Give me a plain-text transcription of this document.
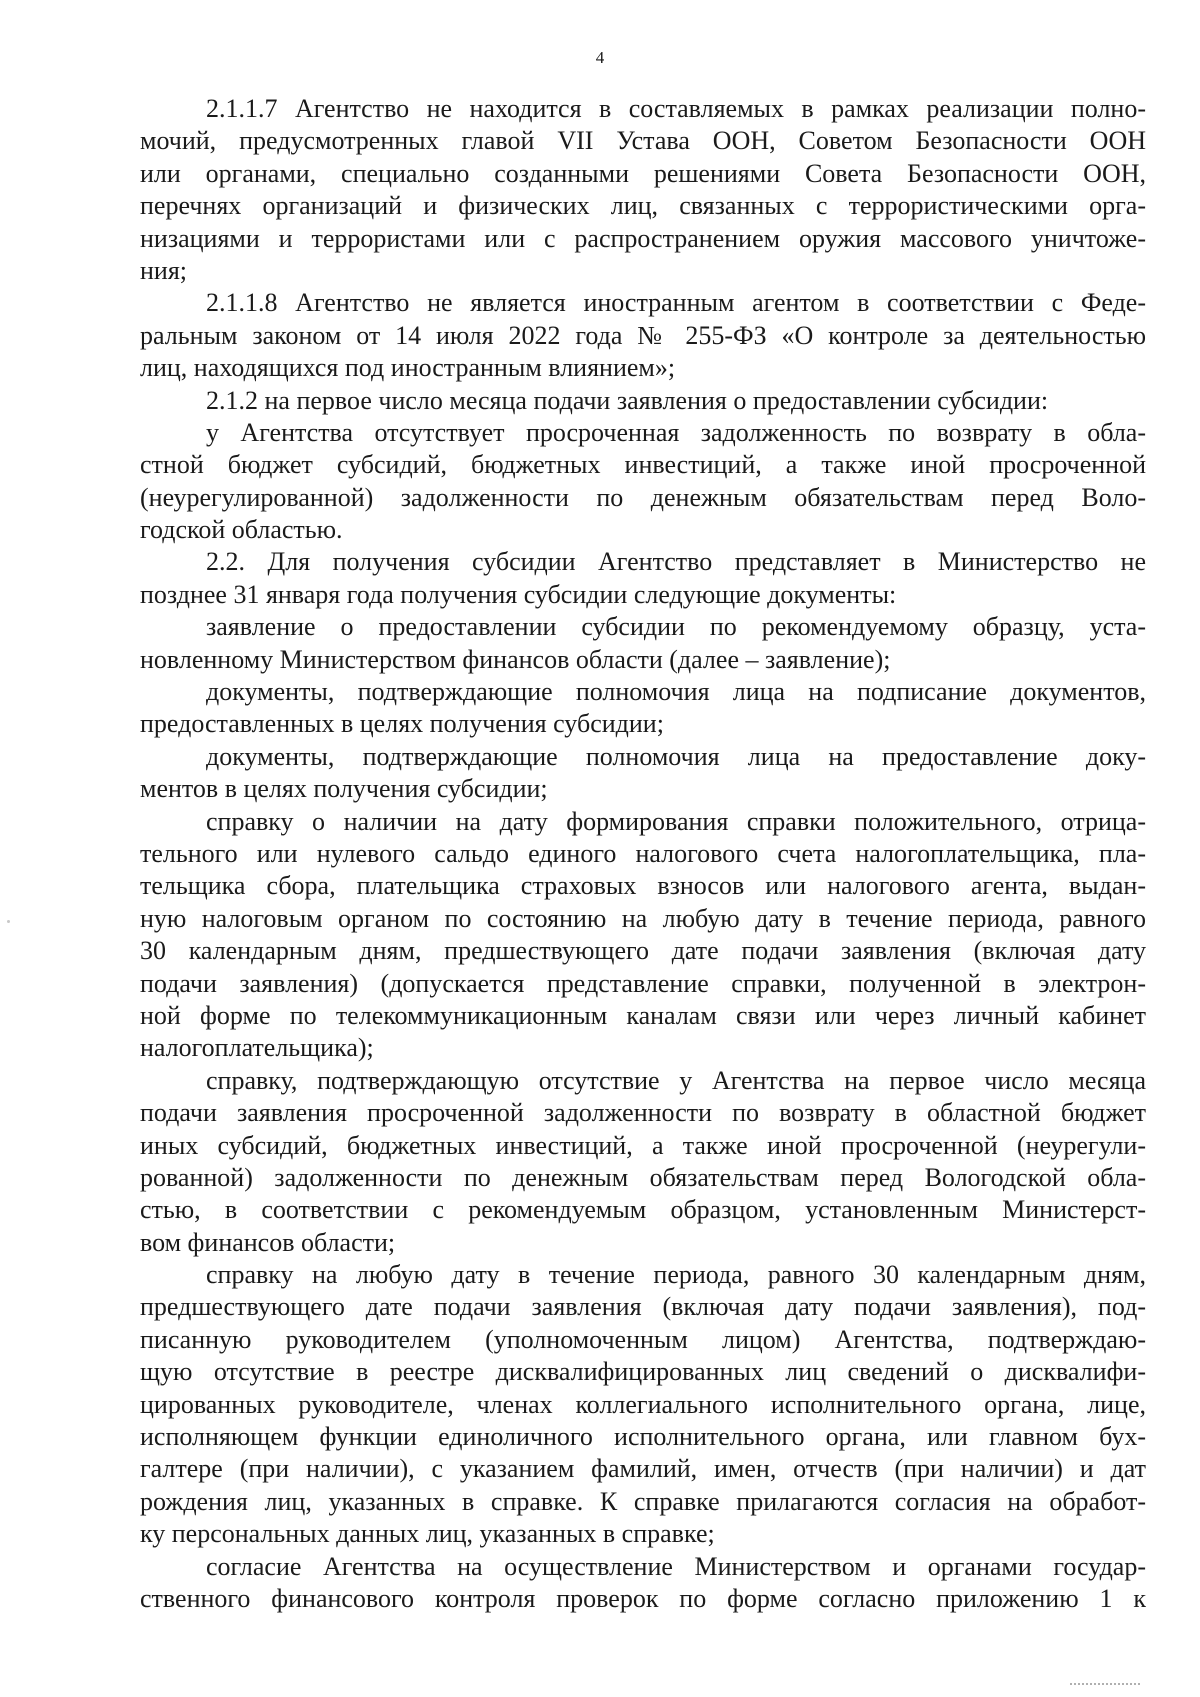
4
2.1.1.7 Агентство не находится в составляемых в рамках реализации полно-
мочий, предусмотренных главой VII Устава ООН, Советом Безопасности ООН
или органами, специально созданными решениями Совета Безопасности ООН,
перечнях организаций и физических лиц, связанных с террористическими орга-
низациями и террористами или с распространением оружия массового уничтоже-
ния;
2.1.1.8 Агентство не является иностранным агентом в соответствии с Феде-
ральным законом от 14 июля 2022 года № 255-ФЗ «О контроле за деятельностью
лиц, находящихся под иностранным влиянием»;
2.1.2 на первое число месяца подачи заявления о предоставлении субсидии:
у Агентства отсутствует просроченная задолженность по возврату в обла-
стной бюджет субсидий, бюджетных инвестиций, а также иной просроченной
(неурегулированной) задолженности по денежным обязательствам перед Воло-
годской областью.
2.2. Для получения субсидии Агентство представляет в Министерство не
позднее 31 января года получения субсидии следующие документы:
заявление о предоставлении субсидии по рекомендуемому образцу, уста-
новленному Министерством финансов области (далее – заявление);
документы, подтверждающие полномочия лица на подписание документов,
предоставленных в целях получения субсидии;
документы, подтверждающие полномочия лица на предоставление доку-
ментов в целях получения субсидии;
справку о наличии на дату формирования справки положительного, отрица-
тельного или нулевого сальдо единого налогового счета налогоплательщика, пла-
тельщика сбора, плательщика страховых взносов или налогового агента, выдан-
ную налоговым органом по состоянию на любую дату в течение периода, равного
30 календарным дням, предшествующего дате подачи заявления (включая дату
подачи заявления) (допускается представление справки, полученной в электрон-
ной форме по телекоммуникационным каналам связи или через личный кабинет
налогоплательщика);
справку, подтверждающую отсутствие у Агентства на первое число месяца
подачи заявления просроченной задолженности по возврату в областной бюджет
иных субсидий, бюджетных инвестиций, а также иной просроченной (неурегули-
рованной) задолженности по денежным обязательствам перед Вологодской обла-
стью, в соответствии с рекомендуемым образцом, установленным Министерст-
вом финансов области;
справку на любую дату в течение периода, равного 30 календарным дням,
предшествующего дате подачи заявления (включая дату подачи заявления), под-
писанную руководителем (уполномоченным лицом) Агентства, подтверждаю-
щую отсутствие в реестре дисквалифицированных лиц сведений о дисквалифи-
цированных руководителе, членах коллегиального исполнительного органа, лице,
исполняющем функции единоличного исполнительного органа, или главном бух-
галтере (при наличии), с указанием фамилий, имен, отчеств (при наличии) и дат
рождения лиц, указанных в справке. К справке прилагаются согласия на обработ-
ку персональных данных лиц, указанных в справке;
согласие Агентства на осуществление Министерством и органами государ-
ственного финансового контроля проверок по форме согласно приложению 1 к
